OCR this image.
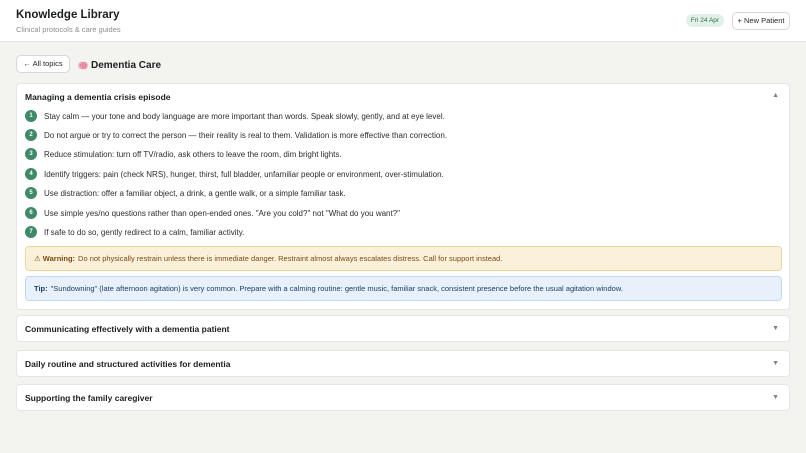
Knowledge Library
Clinical protocols & care guides
Fri 24 Apr	+ New Patient
← All topics	Dementia Care
Managing a dementia crisis episode	▲
1	Stay calm — your tone and body language are more important than words. Speak slowly, gently, and at eye level.
2	Do not argue or try to correct the person — their reality is real to them. Validation is more effective than correction.
3	Reduce stimulation: turn off TV/radio, ask others to leave the room, dim bright lights.
4	Identify triggers: pain (check NRS), hunger, thirst, full bladder, unfamiliar people or environment, over-stimulation.
5	Use distraction: offer a familiar object, a drink, a gentle walk, or a simple familiar task.
6	Use simple yes/no questions rather than open-ended ones. "Are you cold?" not "What do you want?"
7	If safe to do so, gently redirect to a calm, familiar activity.
⚠ Warning: Do not physically restrain unless there is immediate danger. Restraint almost always escalates distress. Call for support instead.
Tip: "Sundowning" (late afternoon agitation) is very common. Prepare with a calming routine: gentle music, familiar snack, consistent presence before the usual agitation window.
Communicating effectively with a dementia patient	▼
Daily routine and structured activities for dementia	▼
Supporting the family caregiver	▼
